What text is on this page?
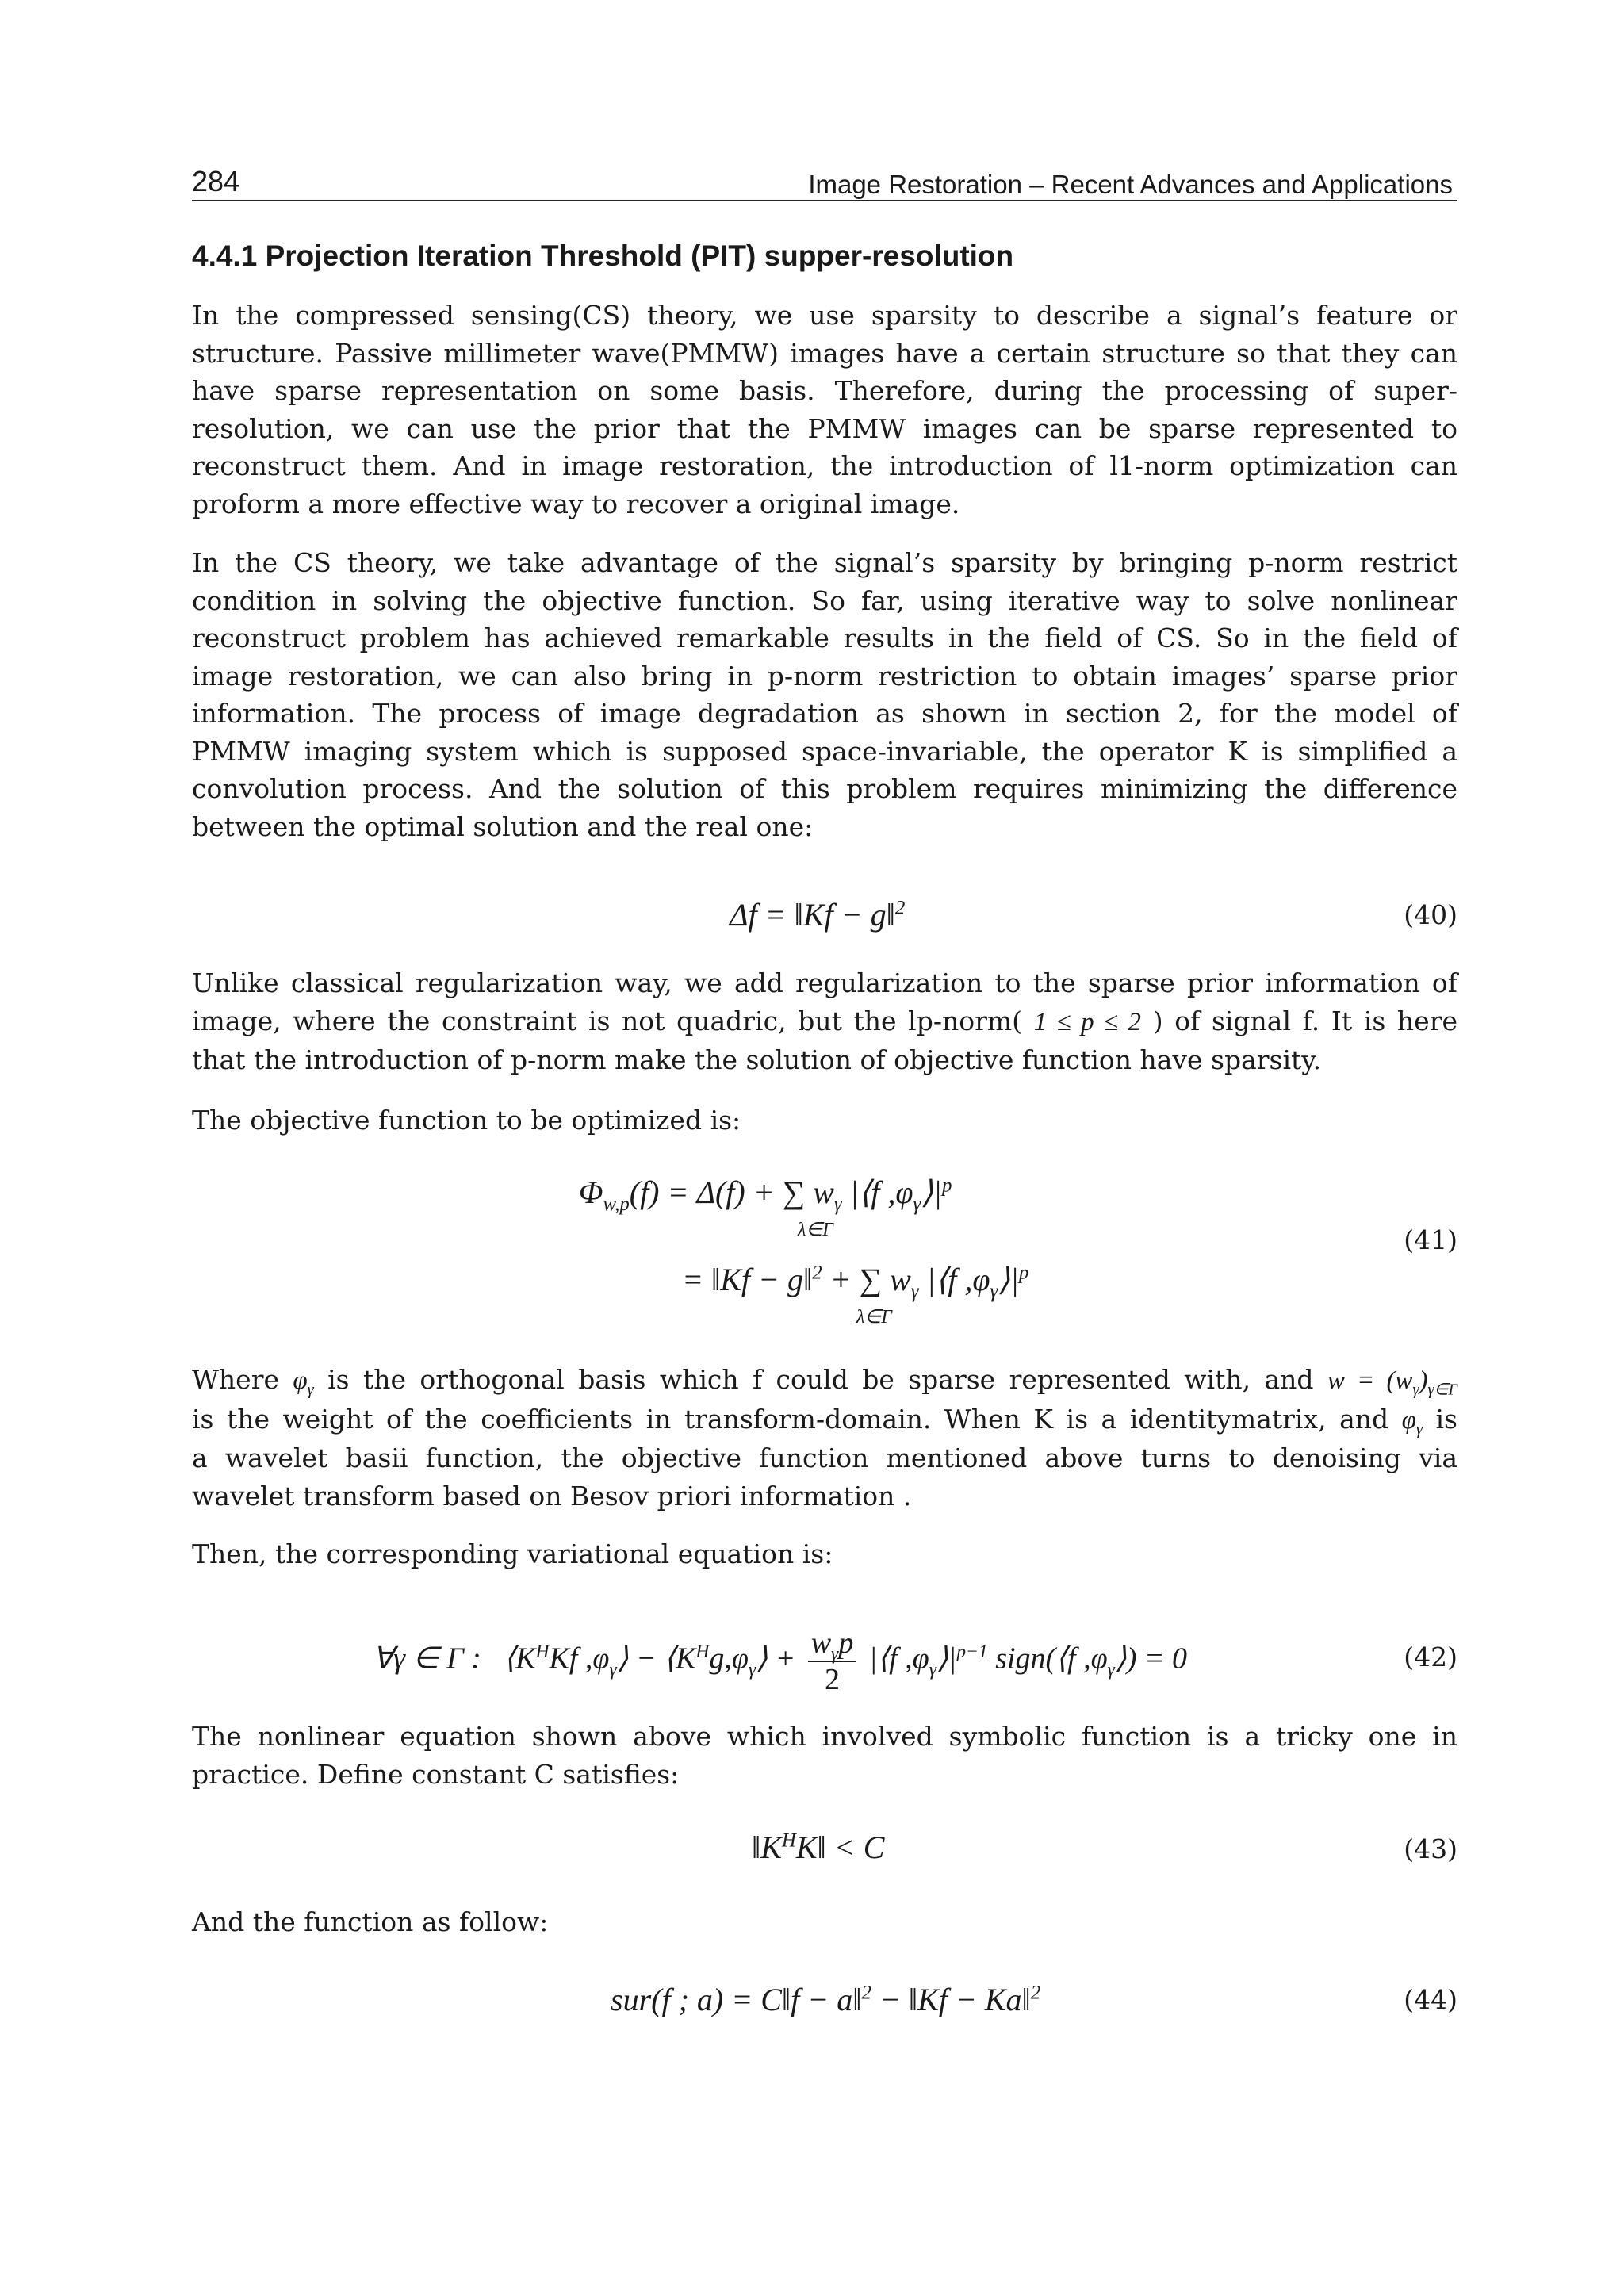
284	Image Restoration – Recent Advances and Applications
4.4.1 Projection Iteration Threshold (PIT) supper-resolution
In the compressed sensing(CS) theory, we use sparsity to describe a signal’s feature or
structure. Passive millimeter wave(PMMW) images have a certain structure so that they can
have sparse representation on some basis. Therefore, during the processing of super-
resolution, we can use the prior that the PMMW images can be sparse represented to
reconstruct them. And in image restoration, the introduction of l1-norm optimization can
proform a more effective way to recover a original image.
In the CS theory, we take advantage of the signal’s sparsity by bringing p-norm restrict
condition in solving the objective function. So far, using iterative way to solve nonlinear
reconstruct problem has achieved remarkable results in the field of CS. So in the field of
image restoration, we can also bring in p-norm restriction to obtain images’ sparse prior
information. The process of image degradation as shown in section 2, for the model of
PMMW imaging system which is supposed space-invariable, the operator K is simplified a
convolution process. And the solution of this problem requires minimizing the difference
between the optimal solution and the real one:
Δf = ‖Kf − g‖$^2$	(40)
Unlike classical regularization way, we add regularization to the sparse prior information of
image, where the constraint is not quadric, but the lp-norm( 1 ≤ p ≤ 2 ) of signal f. It is here
that the introduction of p-norm make the solution of objective function have sparsity.
The objective function to be optimized is:
$\Phi_{w,p}(f) = \Delta(f)$ + ∑ $w_\gamma$ |⟨f $,\varphi_\gamma⟩|^p$
λ∈Γ
= ‖Kf − g‖$^2$ + ∑ $w_\gamma$ |⟨f $,\varphi_\gamma⟩|^p$
λ∈Γ
(41)
Where $\varphi_\gamma$ is the orthogonal basis which f could be sparse represented with, and $w = (w_\gamma)_{\gamma\in\Gamma}$
is the weight of the coefficients in transform-domain. When K is a identitymatrix, and $\varphi_\gamma$ is
a wavelet basii function, the objective function mentioned above turns to denoising via
wavelet transform based on Besov priori information .
Then, the corresponding variational equation is:
∀γ ∈ Γ : $⟨K^HKf$ $,\varphi_\gamma⟩$ − $⟨K^Hg,\varphi_\gamma⟩ + w_\gamma p$
2
|⟨f $,\varphi_\gamma⟩|^{p-1}$ sign(⟨f $,\varphi_\gamma⟩) = 0$	(42)
The nonlinear equation shown above which involved symbolic function is a tricky one in
practice. Define constant C satisfies:
$‖K^HK‖ < C$	(43)
And the function as follow:
sur(f ; a) = C‖f − a‖$^2$ − ‖Kf − Ka‖$^2$	(44)
